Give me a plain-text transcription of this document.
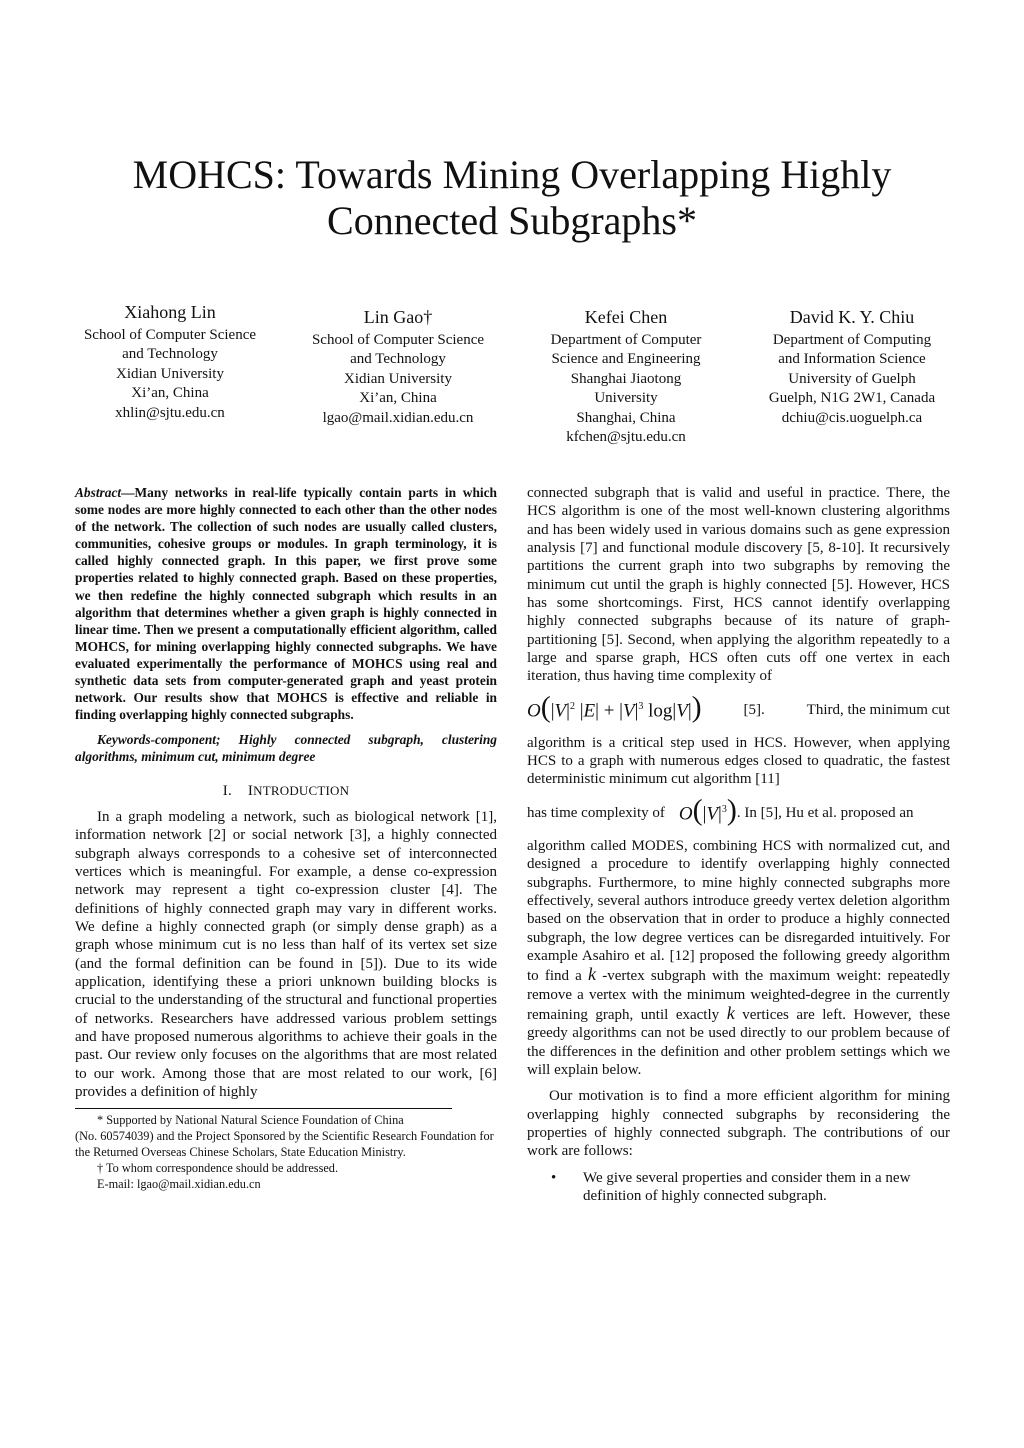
MOHCS: Towards Mining Overlapping Highly
Connected Subgraphs*
Xiahong Lin
School of Computer Science
and Technology
Xidian University
Xi’an, China
xhlin@sjtu.edu.cn
Lin Gao†
School of Computer Science
and Technology
Xidian University
Xi’an, China
lgao@mail.xidian.edu.cn
Kefei Chen
Department of Computer
Science and Engineering
Shanghai Jiaotong
University
Shanghai, China
kfchen@sjtu.edu.cn
David K. Y. Chiu
Department of Computing
and Information Science
University of Guelph
Guelph, N1G 2W1, Canada
dchiu@cis.uoguelph.ca
Abstract—Many networks in real-life typically contain parts in which some nodes are more highly connected to each other than the other nodes of the network. The collection of such nodes are usually called clusters, communities, cohesive groups or modules. In graph terminology, it is called highly connected graph. In this paper, we first prove some properties related to highly connected graph. Based on these properties, we then redefine the highly connected subgraph which results in an algorithm that determines whether a given graph is highly connected in linear time. Then we present a computationally efficient algorithm, called MOHCS, for mining overlapping highly connected subgraphs. We have evaluated experimentally the performance of MOHCS using real and synthetic data sets from computer-generated graph and yeast protein network. Our results show that MOHCS is effective and reliable in finding overlapping highly connected subgraphs.
Keywords-component; Highly connected subgraph, clustering algorithms, minimum cut, minimum degree
I. INTRODUCTION
In a graph modeling a network, such as biological network [1], information network [2] or social network [3], a highly connected subgraph always corresponds to a cohesive set of interconnected vertices which is meaningful. For example, a dense co-expression network may represent a tight co-expression cluster [4]. The definitions of highly connected graph may vary in different works. We define a highly connected graph (or simply dense graph) as a graph whose minimum cut is no less than half of its vertex set size (and the formal definition can be found in [5]). Due to its wide application, identifying these a priori unknown building blocks is crucial to the understanding of the structural and functional properties of networks. Researchers have addressed various problem settings and have proposed numerous algorithms to achieve their goals in the past. Our review only focuses on the algorithms that are most related to our work. Among those that are most related to our work, [6] provides a definition of highly
* Supported by National Natural Science Foundation of China
(No. 60574039) and the Project Sponsored by the Scientific Research Foundation for the Returned Overseas Chinese Scholars, State Education Ministry.
† To whom correspondence should be addressed.
E-mail: lgao@mail.xidian.edu.cn
connected subgraph that is valid and useful in practice. There, the HCS algorithm is one of the most well-known clustering algorithms and has been widely used in various domains such as gene expression analysis [7] and functional module discovery [5, 8-10]. It recursively partitions the current graph into two subgraphs by removing the minimum cut until the graph is highly connected [5]. However, HCS has some shortcomings. First, HCS cannot identify overlapping highly connected subgraphs because of its nature of graph-partitioning [5]. Second, when applying the algorithm repeatedly to a large and sparse graph, HCS often cuts off one vertex in each iteration, thus having time complexity of
$O(|V|^2$ $|E| + |V|^3$ log|V|)	[5].	Third, the minimum cut
algorithm is a critical step used in HCS. However, when applying HCS to a graph with numerous edges closed to quadratic, the fastest deterministic minimum cut algorithm [11]
has time complexity of $O(|V|^3)$ . In [5], Hu et al. proposed an
algorithm called MODES, combining HCS with normalized cut, and designed a procedure to identify overlapping highly connected subgraphs. Furthermore, to mine highly connected subgraphs more effectively, several authors introduce greedy vertex deletion algorithm based on the observation that in order to produce a highly connected subgraph, the low degree vertices can be disregarded intuitively. For example Asahiro et al. [12] proposed the following greedy algorithm to find a k -vertex subgraph with the maximum weight: repeatedly remove a vertex with the minimum weighted-degree in the currently remaining graph, until exactly k vertices are left. However, these greedy algorithms can not be used directly to our problem because of the differences in the definition and other problem settings which we will explain below.
Our motivation is to find a more efficient algorithm for mining overlapping highly connected subgraphs by reconsidering the properties of highly connected subgraph. The contributions of our work are follows:
•	We give several properties and consider them in a new definition of highly connected subgraph.
